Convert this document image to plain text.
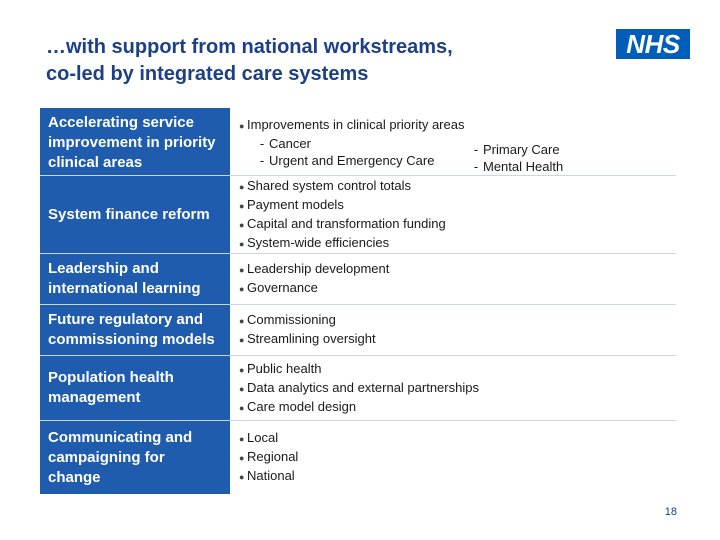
…with support from national workstreams,
co-led by integrated care systems
NHS
Accelerating service
improvement in priority
clinical areas
● Improvements in clinical priority areas
- Cancer
- Urgent and Emergency Care
- Primary Care
- Mental Health
System finance reform
● Shared system control totals
● Payment models
● Capital and transformation funding
● System-wide efficiencies
Leadership and
international learning
● Leadership development
● Governance
Future regulatory and
commissioning models
● Commissioning
● Streamlining oversight
Population health
management
● Public health
● Data analytics and external partnerships
● Care model design
Communicating and
campaigning for
change
● Local
● Regional
● National
18
